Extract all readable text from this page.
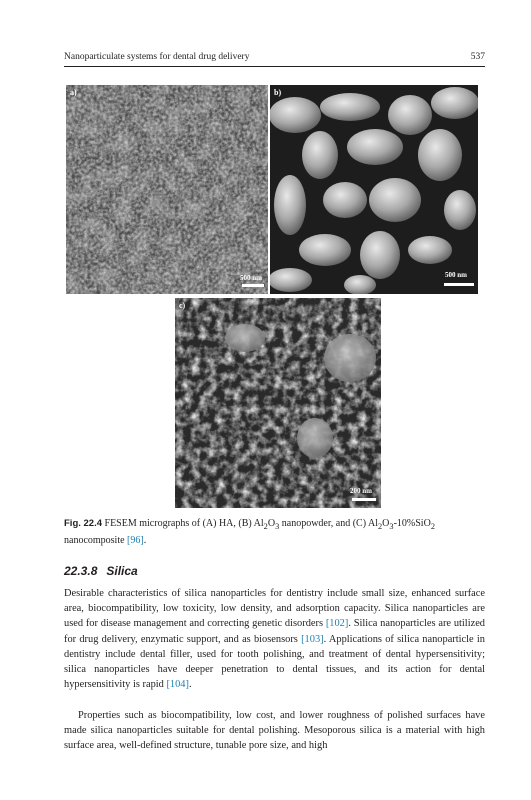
Nanoparticulate systems for dental drug delivery	537
a)
500 nm
b)
500 nm
c)
200 nm

Fig. 22.4 FESEM micrographs of (A) HA, (B) $Al_2O_3$ nanopowder, and (C) $Al_2O_3-10\%SiO_2$ nanocomposite [96].

22.3.8 Silica

Desirable characteristics of silica nanoparticles for dentistry include small size, enhanced surface area, biocompatibility, low toxicity, low density, and adsorption capacity. Silica nanoparticles are used for disease management and correcting genetic disorders [102]. Silica nanoparticles are utilized for drug delivery, enzymatic support, and as biosensors [103]. Applications of silica nanoparticle in dentistry include dental filler, used for tooth polishing, and treatment of dental hypersensitivity; silica nanoparticles have deeper penetration to dental tissues, and its action for dental hypersensitivity is rapid [104].

Properties such as biocompatibility, low cost, and lower roughness of polished surfaces have made silica nanoparticles suitable for dental polishing. Mesoporous silica is a material with high surface area, well-defined structure, tunable pore size, and high
